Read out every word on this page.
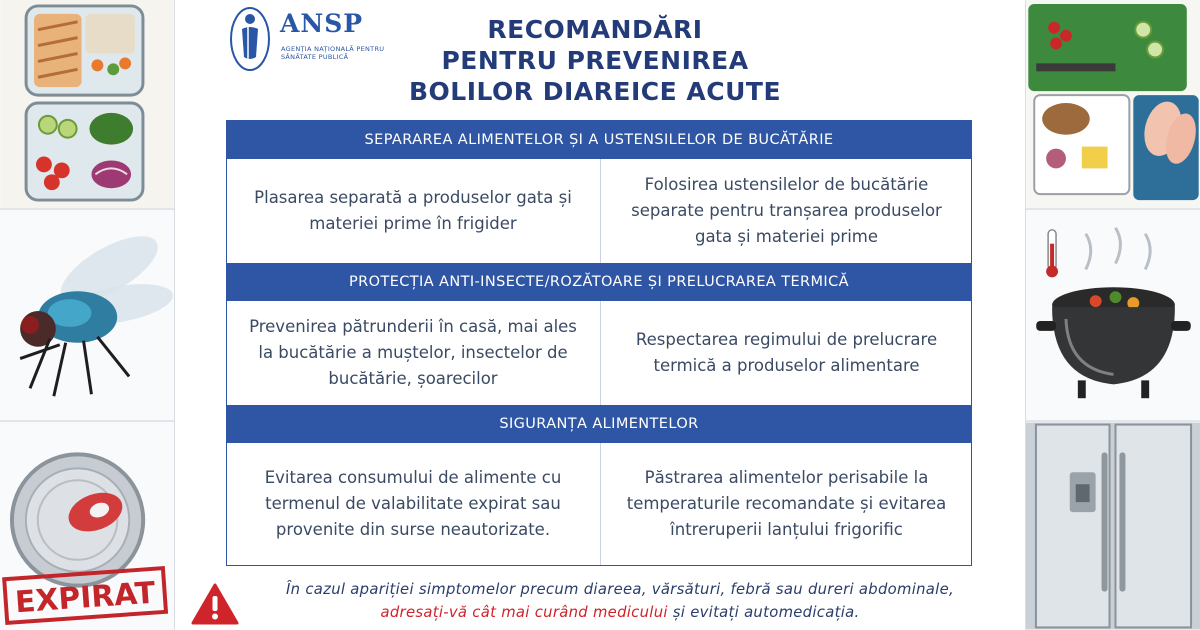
EXPIRAT
ANSP
AGENȚIA NAȚIONALĂ PENTRU SĂNĂTATE PUBLICĂ
RECOMANDĂRI
PENTRU PREVENIREA
BOLILOR DIAREICE ACUTE
SEPARAREA ALIMENTELOR ȘI A USTENSILELOR DE BUCĂTĂRIE
Plasarea separată a produselor gata și materiei prime în frigider
Folosirea ustensilelor de bucătărie separate pentru tranșarea produselor gata și materiei prime
PROTECȚIA ANTI-INSECTE/ROZĂTOARE ȘI PRELUCRAREA TERMICĂ
Prevenirea pătrunderii în casă, mai ales la bucătărie a muștelor, insectelor de bucătărie, șoarecilor
Respectarea regimului de prelucrare termică a produselor alimentare
SIGURANȚA ALIMENTELOR
Evitarea consumului de alimente cu termenul de valabilitate expirat sau provenite din surse neautorizate.
Păstrarea alimentelor perisabile la temperaturile recomandate și evitarea întreruperii lanțului frigorific
În cazul apariției simptomelor precum diareea, vărsături, febră sau dureri abdominale,
adresați-vă cât mai curând medicului și evitați automedicația.
